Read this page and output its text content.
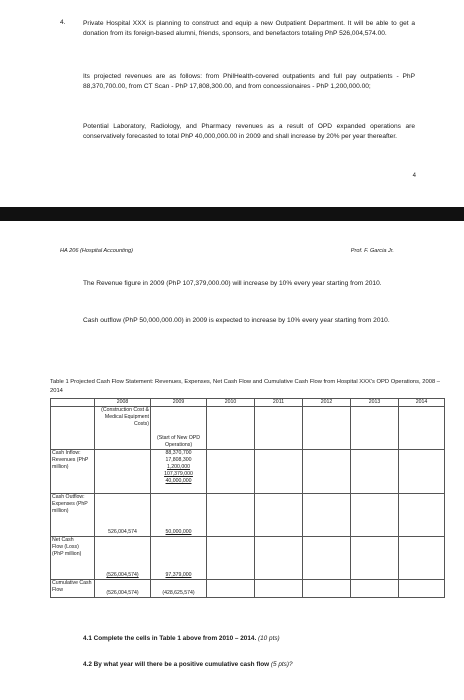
4.	Private Hospital XXX is planning to construct and equip a new Outpatient Department. It will be able to get a donation from its foreign-based alumni, friends, sponsors, and benefactors totaling PhP 526,004,574.00.

Its projected revenues are as follows: from PhilHealth-covered outpatients and full pay outpatients - PhP 88,370,700.00, from CT Scan - PhP 17,808,300.00, and from concessionaires - PhP 1,200,000.00;

Potential Laboratory, Radiology, and Pharmacy revenues as a result of OPD expanded operations are conservatively forecasted to total PhP 40,000,000.00 in 2009 and shall increase by 20% per year thereafter.

4
HA 206 (Hospital Accounting)	Prof. F. Garcia Jr.

The Revenue figure in 2009 (PhP 107,379,000.00) will increase by 10% every year starting from 2010.

Cash outflow (PhP 50,000,000.00) in 2009 is expected to increase by 10% every year starting from 2010.

Table 1 Projected Cash Flow Statement: Revenues, Expenses, Net Cash Flow and Cumulative Cash Flow from Hospital XXX's OPD Operations, 2008 – 2014

	2008	2009	2010	2011	2012	2013	2014
	(Construction Cost & Medical Equipment Costs)	(Start of New OPD Operations)					
Cash Inflow: Revenues (PhP million)		88,370,700
17,808,300
1,200,000
107,379,000
40,000,000					

Cash Outflow: Expenses (PhP million)	526,004,574	50,000,000					

Net Cash
Flow (Loss)
(PhP million)	(526,004,574)	97,379,000					
Cumulative Cash Flow	(526,004,574)	(428,625,574)					
4.1 Complete the cells in Table 1 above from 2010 – 2014. (10 pts)
4.2 By what year will there be a positive cumulative cash flow (5 pts)?
